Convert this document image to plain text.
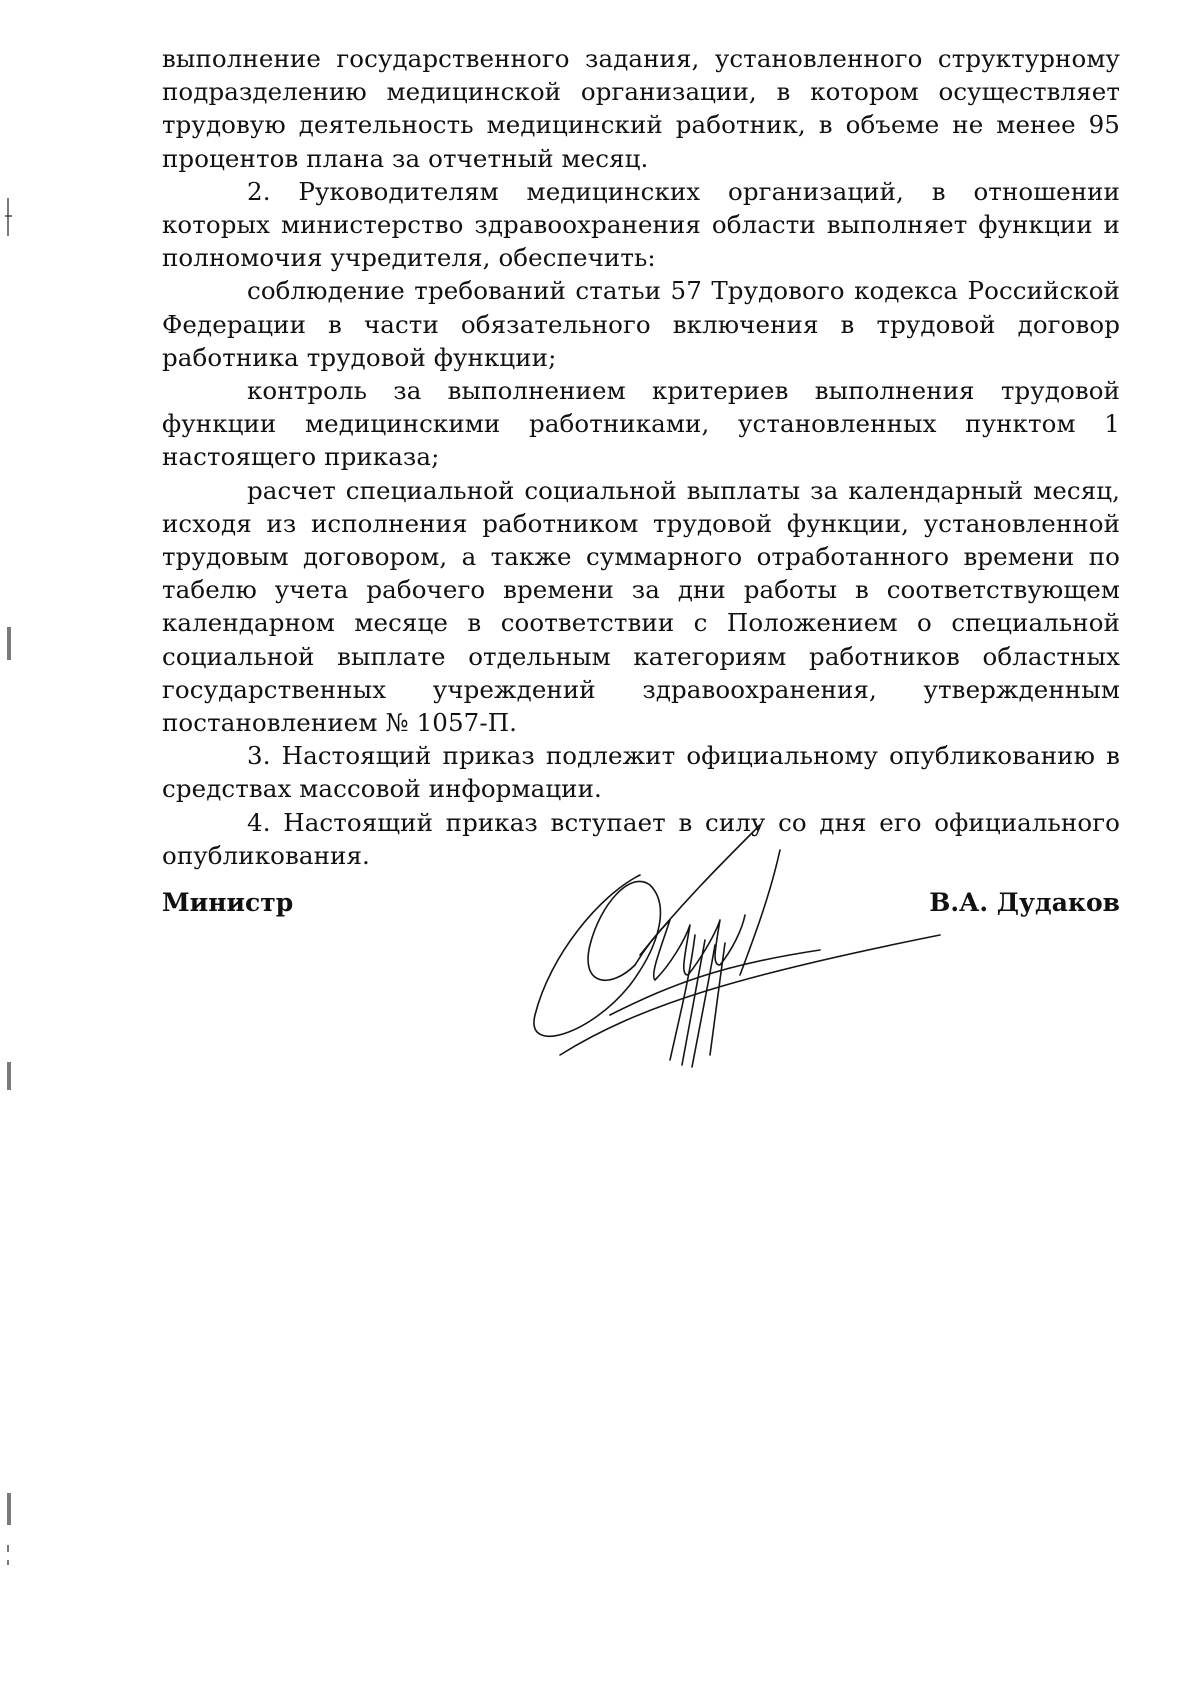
выполнение государственного задания, установленного структурному подразделению медицинской организации, в котором осуществляет трудовую деятельность медицинский работник, в объеме не менее 95 процентов плана за отчетный месяц.

2. Руководителям медицинских организаций, в отношении которых министерство здравоохранения области выполняет функции и полномочия учредителя, обеспечить:

соблюдение требований статьи 57 Трудового кодекса Российской Федерации в части обязательного включения в трудовой договор работника трудовой функции;

контроль за выполнением критериев выполнения трудовой функции медицинскими работниками, установленных пунктом 1 настоящего приказа;

расчет специальной социальной выплаты за календарный месяц, исходя из исполнения работником трудовой функции, установленной трудовым договором, а также суммарного отработанного времени по табелю учета рабочего времени за дни работы в соответствующем календарном месяце в соответствии с Положением о специальной социальной выплате отдельным категориям работников областных государственных учреждений здравоохранения, утвержденным постановлением № 1057-П.

3. Настоящий приказ подлежит официальному опубликованию в средствах массовой информации.

4. Настоящий приказ вступает в силу со дня его официального опубликования.

Министр	В.А. Дудаков
